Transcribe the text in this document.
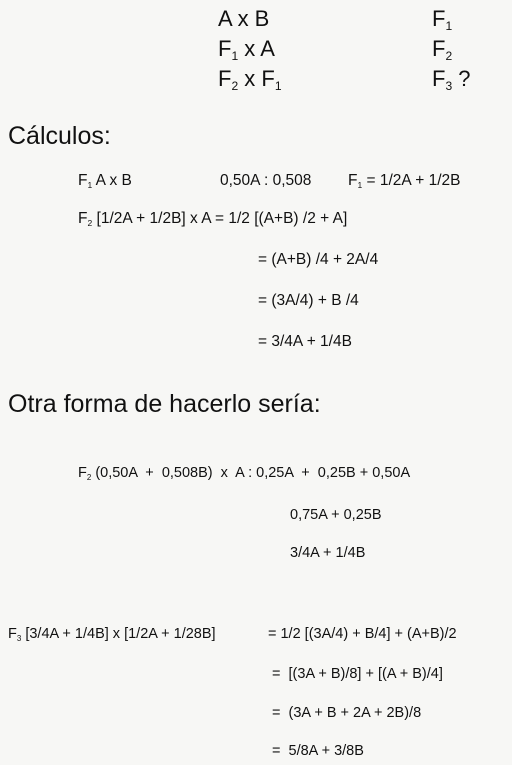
A x B	$F_1$
$F_1$ x A	$F_2$
$F_2$ x $F_1$	$F_3$ ?
Cálculos:
$F_1$ A x B	0,50A : 0,508 $F_1 = 1/2A + 1/2B$
$F_2$ [1/2A + 1/2B] x A = 1/2 [(A+B) /2 + A]
= (A+B) /4 + 2A/4
= (3A/4) + B /4
= 3/4A + 1/4B
Otra forma de hacerlo sería:
$F_2$ (0,50A  +  0,508B)  x  A : 0,25A  +  0,25B + 0,50A
0,75A + 0,25B
3/4A + 1/4B
$F_3$ [3/4A + 1/4B] x [1/2A + 1/28B]	= 1/2 [(3A/4) + B/4] + (A+B)/2
=  [(3A + B)/8] + [(A + B)/4]
=  (3A + B + 2A + 2B)/8
=  5/8A + 3/8B
